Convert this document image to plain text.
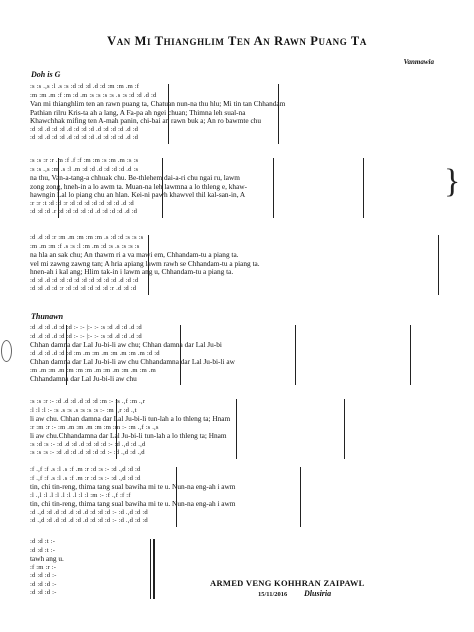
Van Mi Thianghlim Ten An Rawn Puang Ta
Vanmawia
Doh is G
:s :s .,s :l .s :s :d :d :d .d :d :m :m .m :f
:m :m .m :f :m :d .m :s :s :s :s .s :s :d :d .d :d
Van mi thianghlim ten an rawn puang ta, Chatuan nun-na thu hlu; Mi tin tan Chhandam
Pathian rilru Kris-ta ah a lang, A Fa-pa ah ngei chuan; Thimna leh sual-na
Khawchhak mifing ten A-mah panin, chi-bai an rawn buk a; An ro bawmte chu
:d :d .d :d :d .d :d :d :d .d :d :d :d .d :d
:d :d .d :d :d .d :d :d :d .d :d :d :d .d :d
:s :s :r :r .m :f .f :f :m :m :s :m .m :s :s
:s :s .,s :m .s :l .m :d :d .d :d :d :d .d :s
na thu, Van-a-tang-a chhuak chu. Be-thlehem dai-a-ri chu ngai ru, lawm
zong zong, hneh-in a lo awm ta. Muan-na leh lawmna a lo thleng e, khaw-
hawngin Lal lo piang chu an hlan. Kei-ni pawh khawvel thil kal-san-in, A
:r :r :t :d :d :r :d :d :d :d :d :d :d .d :d
:d :d :d .r :d :d :d :d :d .d :d :d :d .d :d
}
:d .d :d :r :m .m :m :m :m .s :d :d :s :s :s
:m .m :m :f .s :s :l :m .m :d :s .s :s :s :s
na hla an sak chu; An thawm ri a va mawi em, Chhandam-tu a piang ta.
vel mi zawng zawng tan; A hria apiang lawm rawh se Chhandam-tu a piang ta.
hnen-ah i kal ang; Hlim tak-in i lawm ang u, Chhandam-tu a piang ta.
:d :d .d :d :d :d :d :d :d :d :d :d .d :d :d
:d :d .d :d :r :d :d :d :d :d :d :r .d :d :d
Thunawn
:d .d :d .d :d :d :- :- |:- :- :s :d .d :d .d :d
:d .d :d .d :d :d :- :- |:- :- :s :d .d :d .d :d
Chhan damna dar Lal Ju-bi-li aw chu; Chhan damna dar Lal Ju-bi
:d .d :d .d :d :d :m .m :m .m :m .m :m .m :d :d
Chhan damna dar Lal Ju-bi-li aw chu Chhandamna dar Lal Ju-bi-li aw
:m .m :m .m :m :m :m .m :m .m :m .m :m .m
Chhandamna dar Lal Ju-bi-li aw chu
:s :s :r :- :d .d :d .d :d :d :m :- :s .,f :m .,r
:l :l :l :- :s .s :s .s :s :s :s :- :m .,r :d .,t
li aw chu. Chhan damna dar Lal Ju-bi-li tun-lah a lo thleng ta; Hnam
:r :m :r :- :m .m :m .m :m :m :m :- :m .,f :s .,s
li aw chu.Chhandamna dar Lal Ju-bi-li tun-lah a lo thleng ta; Hnam
:s :d :s :- :d .d :d .d :d :d :d :- :d .,d :d .,d
:s :s :s :- :d .d :d .d :d :d :d :- :d .,d :d .,d
:f .,f :f .s :l .s :f .m :r :d :s :- :d .,d :d :d
:f .,f :f .s :l .s :f .m :r :d :s :- :d .,d :d :d
tin, chi tin-reng, thima tang sual bawiha mi te u. Nun-na eng-ah i awm
:l .,l :l .l :l .l :l .l :l :l :m :- :f .,f :f :f
tin, chi tin-reng, thima tang sual bawiha mi te u. Nun-na eng-ah i awm
:d .,d :d .d :d .d :d .d :d :d :d :- :d .,d :d :d
:d .,d :d .d :d .d :d .d :d :d :d :- :d .,d :d :d
:d :d :t :-
:d :d :t :-
tawh ang u.
:f :m :r :-
:d :d :d :-
:d :d :d :-
:d :d :d :-
ARMED VENG KOHHRAN ZAIPAWL
15/11/2016 Dlusiria
